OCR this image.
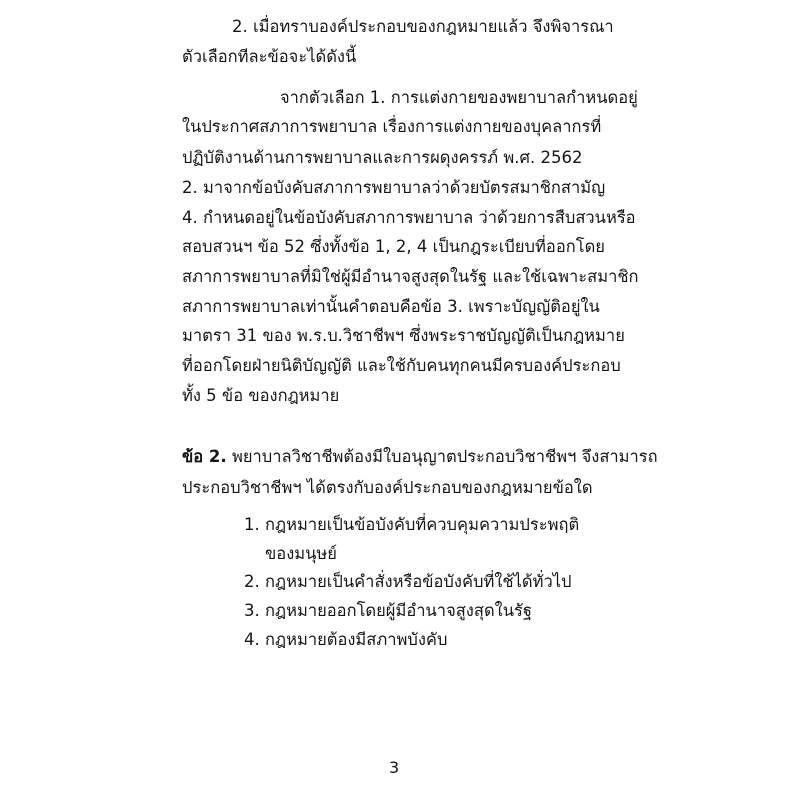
2. เมื่อทราบองค์ประกอบของกฎหมายแล้ว จึงพิจารณา
ตัวเลือกทีละข้อจะได้ดังนี้
จากตัวเลือก 1. การแต่งกายของพยาบาลกำหนดอยู่
ในประกาศสภาการพยาบาล เรื่องการแต่งกายของบุคลากรที่
ปฏิบัติงานด้านการพยาบาลและการผดุงครรภ์ พ.ศ. 2562
2. มาจากข้อบังคับสภาการพยาบาลว่าด้วยบัตรสมาชิกสามัญ
4. กำหนดอยู่ในข้อบังคับสภาการพยาบาล ว่าด้วยการสืบสวนหรือ
สอบสวนฯ ข้อ 52 ซึ่งทั้งข้อ 1, 2, 4 เป็นกฎระเบียบที่ออกโดย
สภาการพยาบาลที่มิใช่ผู้มีอำนาจสูงสุดในรัฐ และใช้เฉพาะสมาชิก
สภาการพยาบาลเท่านั้นคำตอบคือข้อ 3. เพราะบัญญัติอยู่ใน
มาตรา 31 ของ พ.ร.บ.วิชาชีพฯ ซึ่งพระราชบัญญัติเป็นกฎหมาย
ที่ออกโดยฝ่ายนิติบัญญัติ และใช้กับคนทุกคนมีครบองค์ประกอบ
ทั้ง 5 ข้อ ของกฎหมาย
ข้อ 2. พยาบาลวิชาชีพต้องมีใบอนุญาตประกอบวิชาชีพฯ จึงสามารถ
ประกอบวิชาชีพฯ ได้ตรงกับองค์ประกอบของกฎหมายข้อใด
1. กฎหมายเป็นข้อบังคับที่ควบคุมความประพฤติ
ของมนุษย์
2. กฎหมายเป็นคำสั่งหรือข้อบังคับที่ใช้ได้ทั่วไป
3. กฎหมายออกโดยผู้มีอำนาจสูงสุดในรัฐ
4. กฎหมายต้องมีสภาพบังคับ
3
